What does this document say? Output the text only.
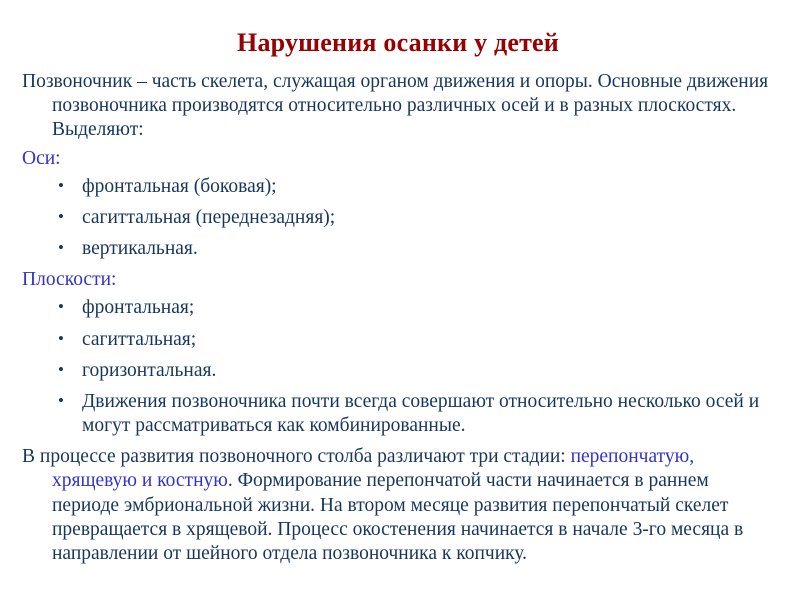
Нарушения осанки у детей

Позвоночник – часть скелета, служащая органом движения и опоры. Основные движения позвоночника производятся относительно различных осей и в разных плоскостях. Выделяют:

Оси:

• фронтальная (боковая);
• сагиттальная (переднезадняя);
• вертикальная.

Плоскости:

• фронтальная;
• сагиттальная;
• горизонтальная.
• Движения позвоночника почти всегда совершают относительно несколько осей и могут рассматриваться как комбинированные.

В процессе развития позвоночного столба различают три стадии: перепончатую, хрящевую и костную. Формирование перепончатой части начинается в раннем периоде эмбриональной жизни. На втором месяце развития перепончатый скелет превращается в хрящевой. Процесс окостенения начинается в начале 3-го месяца в направлении от шейного отдела позвоночника к копчику.
